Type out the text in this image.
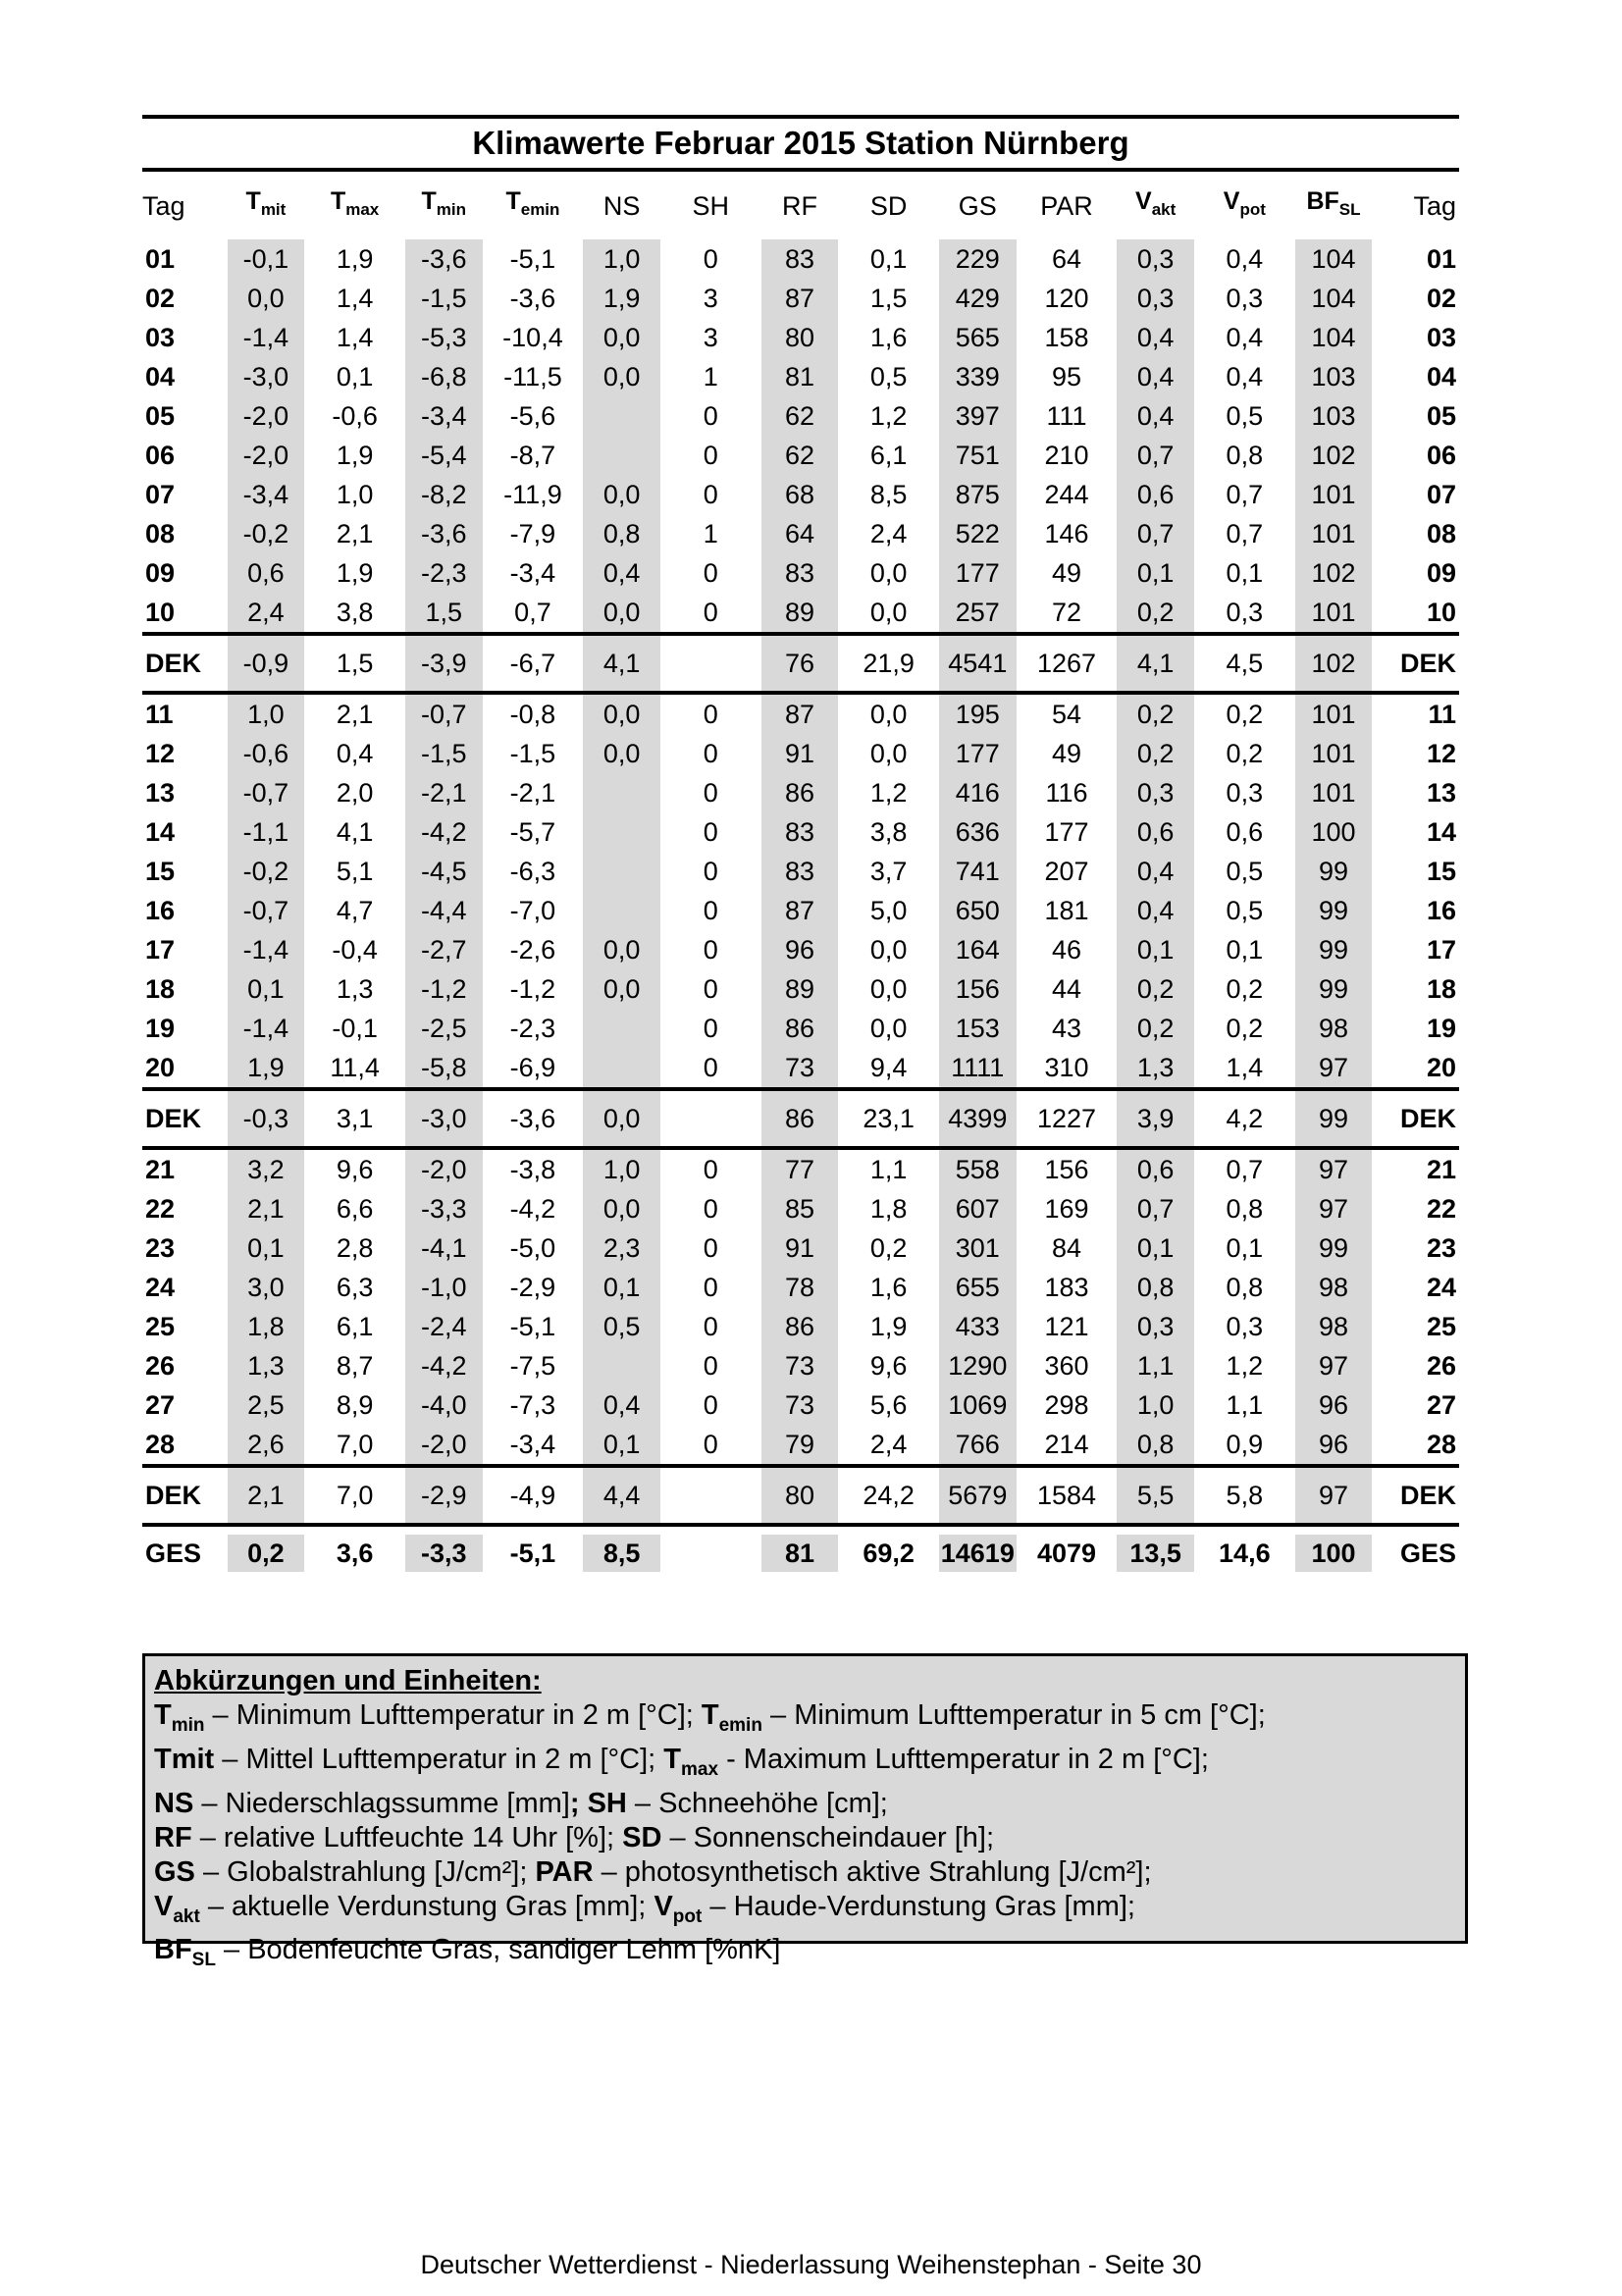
Klimawerte Februar 2015 Station Nürnberg
Tag	$T_{mit}$	$T_{max}$	$T_{min}$	$T_{emin}$	NS	SH	RF	SD	GS	PAR	$V_{akt}$	$V_{pot}$	$BF_{SL}$	Tag
01	-0,1	1,9	-3,6	-5,1	1,0	0	83	0,1	229	64	0,3	0,4	104	01
02	0,0	1,4	-1,5	-3,6	1,9	3	87	1,5	429	120	0,3	0,3	104	02
03	-1,4	1,4	-5,3	-10,4	0,0	3	80	1,6	565	158	0,4	0,4	104	03
04	-3,0	0,1	-6,8	-11,5	0,0	1	81	0,5	339	95	0,4	0,4	103	04
05	-2,0	-0,6	-3,4	-5,6		0	62	1,2	397	111	0,4	0,5	103	05
06	-2,0	1,9	-5,4	-8,7		0	62	6,1	751	210	0,7	0,8	102	06
07	-3,4	1,0	-8,2	-11,9	0,0	0	68	8,5	875	244	0,6	0,7	101	07
08	-0,2	2,1	-3,6	-7,9	0,8	1	64	2,4	522	146	0,7	0,7	101	08
09	0,6	1,9	-2,3	-3,4	0,4	0	83	0,0	177	49	0,1	0,1	102	09
10	2,4	3,8	1,5	0,7	0,0	0	89	0,0	257	72	0,2	0,3	101	10
DEK	-0,9	1,5	-3,9	-6,7	4,1		76	21,9	4541	1267	4,1	4,5	102	DEK
11	1,0	2,1	-0,7	-0,8	0,0	0	87	0,0	195	54	0,2	0,2	101	11
12	-0,6	0,4	-1,5	-1,5	0,0	0	91	0,0	177	49	0,2	0,2	101	12
13	-0,7	2,0	-2,1	-2,1		0	86	1,2	416	116	0,3	0,3	101	13
14	-1,1	4,1	-4,2	-5,7		0	83	3,8	636	177	0,6	0,6	100	14
15	-0,2	5,1	-4,5	-6,3		0	83	3,7	741	207	0,4	0,5	99	15
16	-0,7	4,7	-4,4	-7,0		0	87	5,0	650	181	0,4	0,5	99	16
17	-1,4	-0,4	-2,7	-2,6	0,0	0	96	0,0	164	46	0,1	0,1	99	17
18	0,1	1,3	-1,2	-1,2	0,0	0	89	0,0	156	44	0,2	0,2	99	18
19	-1,4	-0,1	-2,5	-2,3		0	86	0,0	153	43	0,2	0,2	98	19
20	1,9	11,4	-5,8	-6,9		0	73	9,4	1111	310	1,3	1,4	97	20
DEK	-0,3	3,1	-3,0	-3,6	0,0		86	23,1	4399	1227	3,9	4,2	99	DEK
21	3,2	9,6	-2,0	-3,8	1,0	0	77	1,1	558	156	0,6	0,7	97	21
22	2,1	6,6	-3,3	-4,2	0,0	0	85	1,8	607	169	0,7	0,8	97	22
23	0,1	2,8	-4,1	-5,0	2,3	0	91	0,2	301	84	0,1	0,1	99	23
24	3,0	6,3	-1,0	-2,9	0,1	0	78	1,6	655	183	0,8	0,8	98	24
25	1,8	6,1	-2,4	-5,1	0,5	0	86	1,9	433	121	0,3	0,3	98	25
26	1,3	8,7	-4,2	-7,5		0	73	9,6	1290	360	1,1	1,2	97	26
27	2,5	8,9	-4,0	-7,3	0,4	0	73	5,6	1069	298	1,0	1,1	96	27
28	2,6	7,0	-2,0	-3,4	0,1	0	79	2,4	766	214	0,8	0,9	96	28
DEK	2,1	7,0	-2,9	-4,9	4,4		80	24,2	5679	1584	5,5	5,8	97	DEK
GES	0,2	3,6	-3,3	-5,1	8,5		81	69,2	14619	4079	13,5	14,6	100	GES
Abkürzungen und Einheiten:
$T_{min}$ – Minimum Lufttemperatur in 2 m [°C]; $T_{emin}$ – Minimum Lufttemperatur in 5 cm [°C];
Tmit – Mittel Lufttemperatur in 2 m [°C]; $T_{max}$ - Maximum Lufttemperatur in 2 m [°C];
NS – Niederschlagssumme [mm]; SH – Schneehöhe [cm];
RF – relative Luftfeuchte 14 Uhr [%]; SD – Sonnenscheindauer [h];
GS – Globalstrahlung [J/cm²]; PAR – photosynthetisch aktive Strahlung [J/cm²];
$V_{akt}$ – aktuelle Verdunstung Gras [mm]; $V_{pot}$ – Haude-Verdunstung Gras [mm];
$BF_{SL}$ – Bodenfeuchte Gras, sandiger Lehm [%nK]
Deutscher Wetterdienst - Niederlassung Weihenstephan - Seite 30
